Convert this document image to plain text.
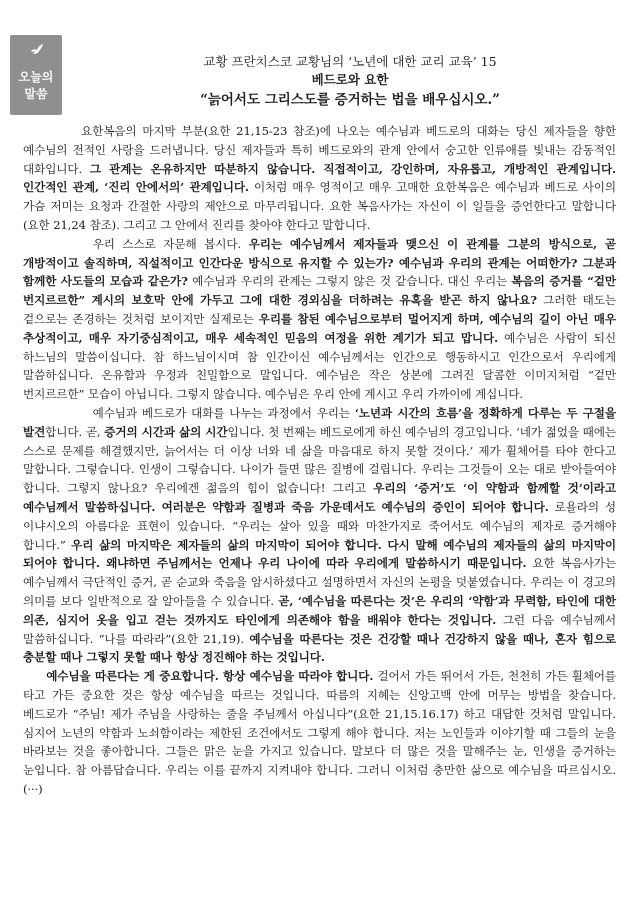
오늘의
말씀
교황 프란치스코 교황님의 ‘노년에 대한 교리 교육’ 15
베드로와 요한
“늙어서도 그리스도를 증거하는 법을 배우십시오.”

요한복음의 마지막 부분(요한 21,15-23 참조)에 나오는 예수님과 베드로의 대화는 당신 제자들을 향한 예수님의 전적인 사랑을 드러냅니다. 당신 제자들과 특히 베드로와의 관계 안에서 숭고한 인류애를 빛내는 감동적인 대화입니다. 그 관계는 온유하지만 따분하지 않습니다. 직접적이고, 강인하며, 자유롭고, 개방적인 관계입니다. 인간적인 관계, ‘진리 안에서의’ 관계입니다. 이처럼 매우 영적이고 매우 고매한 요한복음은 예수님과 베드로 사이의 가슴 저미는 요청과 간절한 사랑의 제안으로 마무리됩니다. 요한 복음사가는 자신이 이 일들을 증언한다고 말합니다(요한 21,24 참조). 그리고 그 안에서 진리를 찾아야 한다고 말합니다.

우리 스스로 자문해 봅시다. 우리는 예수님께서 제자들과 맺으신 이 관계를 그분의 방식으로, 곧 개방적이고 솔직하며, 직설적이고 인간다운 방식으로 유지할 수 있는가? 예수님과 우리의 관계는 어떠한가? 그분과 함께한 사도들의 모습과 같은가? 예수님과 우리의 관계는 그렇지 않은 것 같습니다. 대신 우리는 복음의 증거를 “겉만 번지르르한” 계시의 보호막 안에 가두고 그에 대한 경외심을 더하려는 유혹을 받곤 하지 않나요? 그러한 태도는 겉으로는 존경하는 것처럼 보이지만 실제로는 우리를 참된 예수님으로부터 멀어지게 하며, 예수님의 길이 아닌 매우 추상적이고, 매우 자기중심적이고, 매우 세속적인 믿음의 여정을 위한 계기가 되고 맙니다. 예수님은 사람이 되신 하느님의 말씀이십니다. 참 하느님이시며 참 인간이신 예수님께서는 인간으로 행동하시고 인간으로서 우리에게 말씀하십니다. 온유함과 우정과 친밀함으로 말입니다. 예수님은 작은 상본에 그려진 달콤한 이미지처럼 “겉만 번지르르한” 모습이 아닙니다. 그렇지 않습니다. 예수님은 우리 안에 계시고 우리 가까이에 계십니다.

예수님과 베드로가 대화를 나누는 과정에서 우리는 ‘노년과 시간의 흐름’을 정확하게 다루는 두 구절을 발견합니다. 곧, 증거의 시간과 삶의 시간입니다. 첫 번째는 베드로에게 하신 예수님의 경고입니다. ‘네가 젊었을 때에는 스스로 문제를 해결했지만, 늙어서는 더 이상 너와 네 삶을 마음대로 하지 못할 것이다.’ 제가 휠체어를 타야 한다고 말합니다. 그렇습니다. 인생이 그렇습니다. 나이가 들면 많은 질병에 걸립니다. 우리는 그것들이 오는 대로 받아들여야 합니다. 그렇지 않나요? 우리에겐 젊음의 힘이 없습니다! 그리고 우리의 ‘증거’도 ‘이 약함과 함께할 것’이라고 예수님께서 말씀하십니다. 여러분은 약함과 질병과 죽음 가운데서도 예수님의 증인이 되어야 합니다. 로욜라의 성 이냐시오의 아름다운 표현이 있습니다. “우리는 살아 있을 때와 마찬가지로 죽어서도 예수님의 제자로 증거해야 합니다.” 우리 삶의 마지막은 제자들의 삶의 마지막이 되어야 합니다. 다시 말해 예수님의 제자들의 삶의 마지막이 되어야 합니다. 왜냐하면 주님께서는 언제나 우리 나이에 따라 우리에게 말씀하시기 때문입니다. 요한 복음사가는 예수님께서 극단적인 증거, 곧 순교와 죽음을 암시하셨다고 설명하면서 자신의 논평을 덧붙였습니다. 우리는 이 경고의 의미를 보다 일반적으로 잘 알아들을 수 있습니다. 곧, ‘예수님을 따른다는 것’은 우리의 ‘약함’과 무력함, 타인에 대한 의존, 심지어 옷을 입고 걷는 것까지도 타인에게 의존해야 함을 배워야 한다는 것입니다. 그런 다음 예수님께서 말씀하십니다. “나를 따라라”(요한 21,19). 예수님을 따른다는 것은 건강할 때나 건강하지 않을 때나, 혼자 힘으로 충분할 때나 그렇지 못할 때나 항상 정진해야 하는 것입니다.

예수님을 따른다는 게 중요합니다. 항상 예수님을 따라야 합니다. 걸어서 가든 뛰어서 가든, 천천히 가든 휠체어를 타고 가든 중요한 것은 항상 예수님을 따르는 것입니다. 따름의 지혜는 신앙고백 안에 머무는 방법을 찾습니다. 베드로가 “주님! 제가 주님을 사랑하는 줄을 주님께서 아십니다”(요한 21,15.16.17) 하고 대답한 것처럼 말입니다. 심지어 노년의 약함과 노쇠함이라는 제한된 조건에서도 그렇게 해야 합니다. 저는 노인들과 이야기할 때 그들의 눈을 바라보는 것을 좋아합니다. 그들은 맑은 눈을 가지고 있습니다. 말보다 더 많은 것을 말해주는 눈, 인생을 증거하는 눈입니다. 참 아름답습니다. 우리는 이를 끝까지 지켜내야 합니다. 그러니 이처럼 충만한 삶으로 예수님을 따르십시오. (···)
